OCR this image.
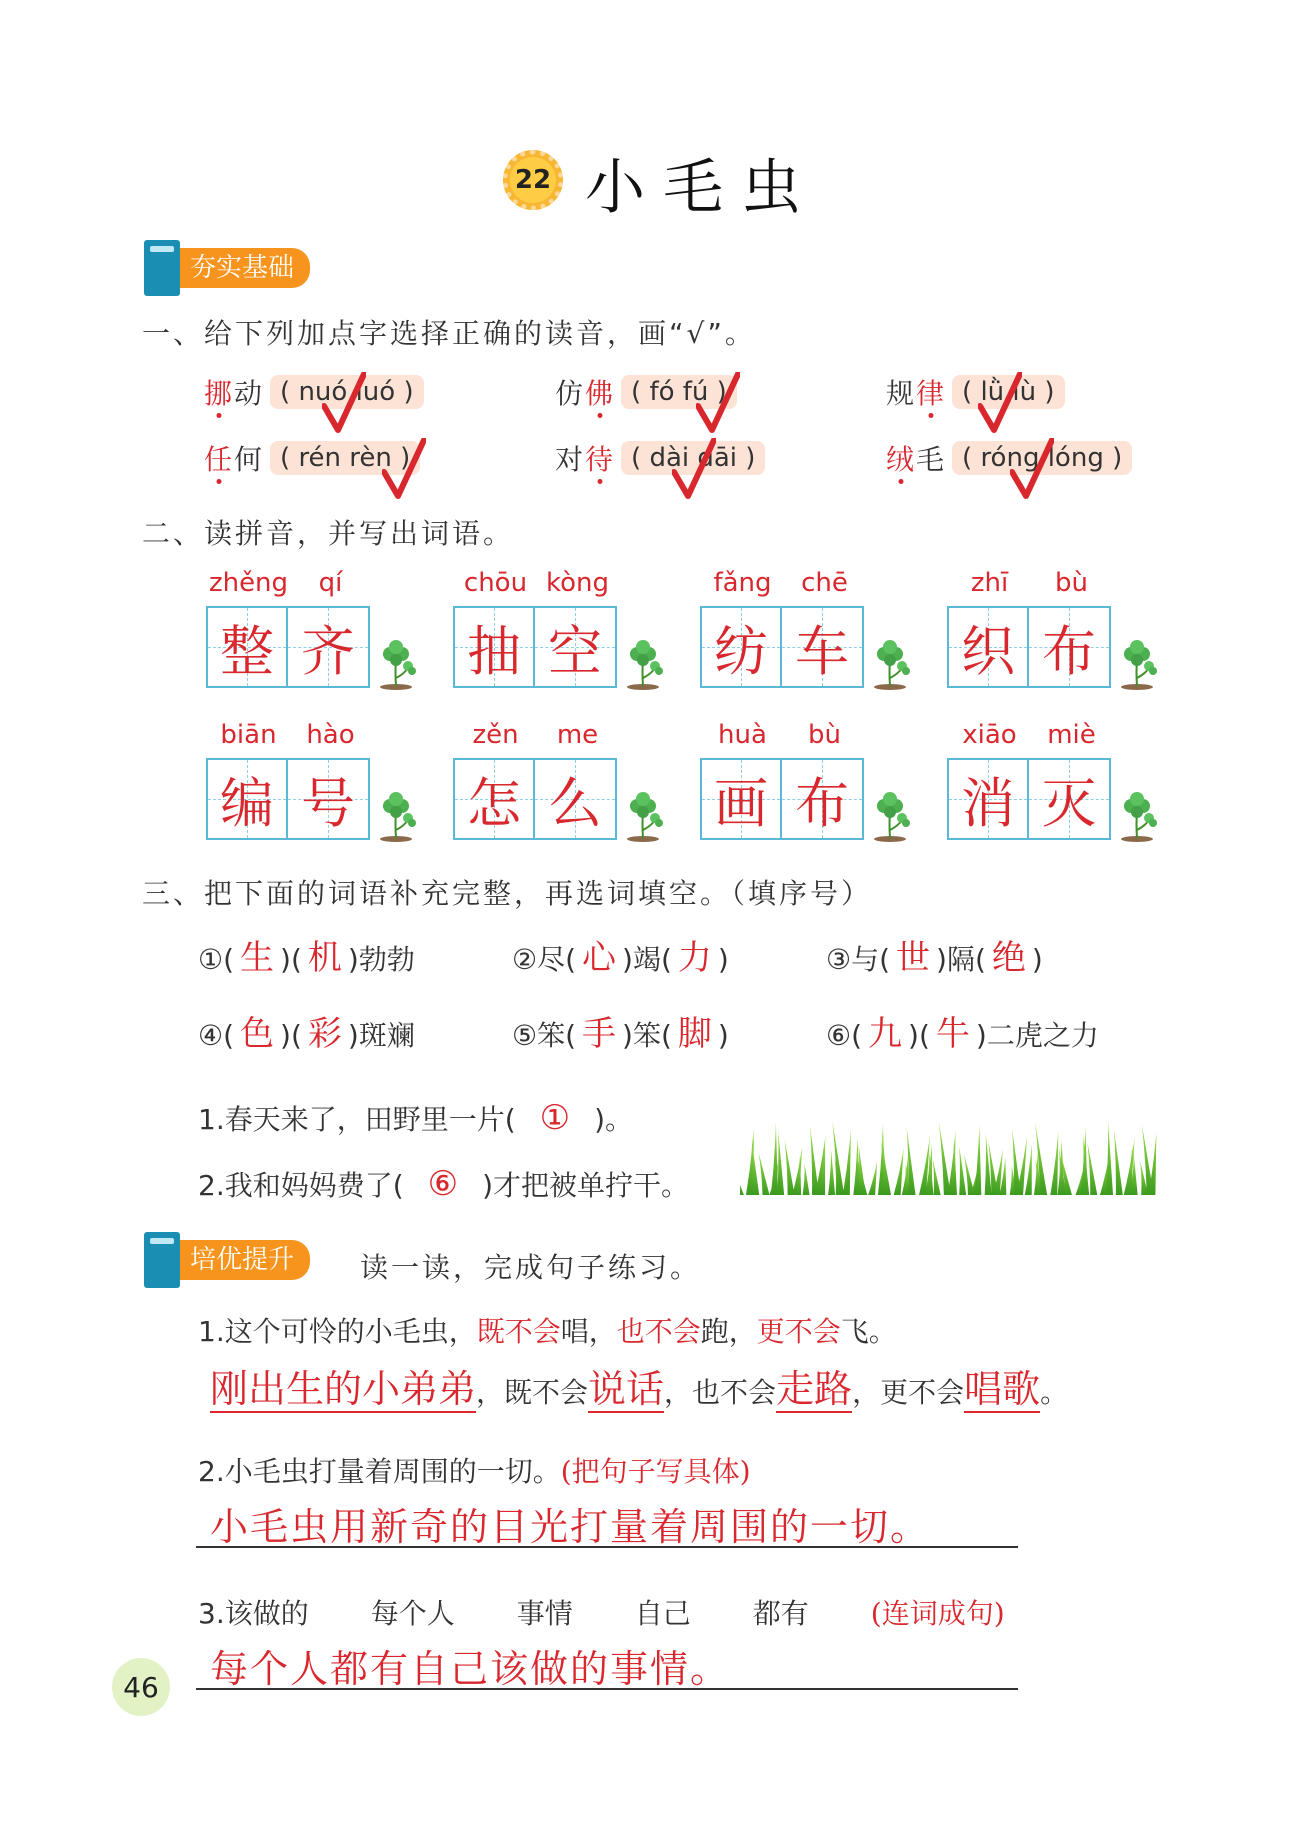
22 小毛虫
夯实基础
一、给下列加点字选择正确的读音，画“√”。
挪动 ( nuó luó )	仿佛 ( fó fú )	规律 ( lǜ lù )
任何 ( rén rèn )	对待 ( dài dāi )	绒毛 ( róng lóng )
二、读拼音，并写出词语。
zhěng	qí
整 齐
chōu kòng
抽 空
fǎng	chē
纺 车
zhī	bù
织 布
biān	hào
编 号
zěn	me
怎 么
huà	bù
画 布
xiāo	miè
消 灭
三、把下面的词语补充完整，再选词填空。（填序号）
①( 生 )( 机 )勃勃	②尽( 心 )竭( 力 )	③与( 世 )隔( 绝 )
④( 色 )( 彩 )斑斓	⑤笨( 手 )笨( 脚 )	⑥( 九 )( 牛 )二虎之力
1.春天来了，田野里一片( ① )。
2.我和妈妈费了( ⑥ )才把被单拧干。
培优提升	读一读，完成句子练习。
1.这个可怜的小毛虫，既不会唱，也不会跑，更不会飞。
刚出生的小弟弟，既不会说话，也不会走路，更不会唱歌。
2.小毛虫打量着周围的一切。(把句子写具体)
小毛虫用新奇的目光打量着周围的一切。
3.该做的 每个人 事情 自己 都有 (连词成句)
每个人都有自己该做的事情。
46
